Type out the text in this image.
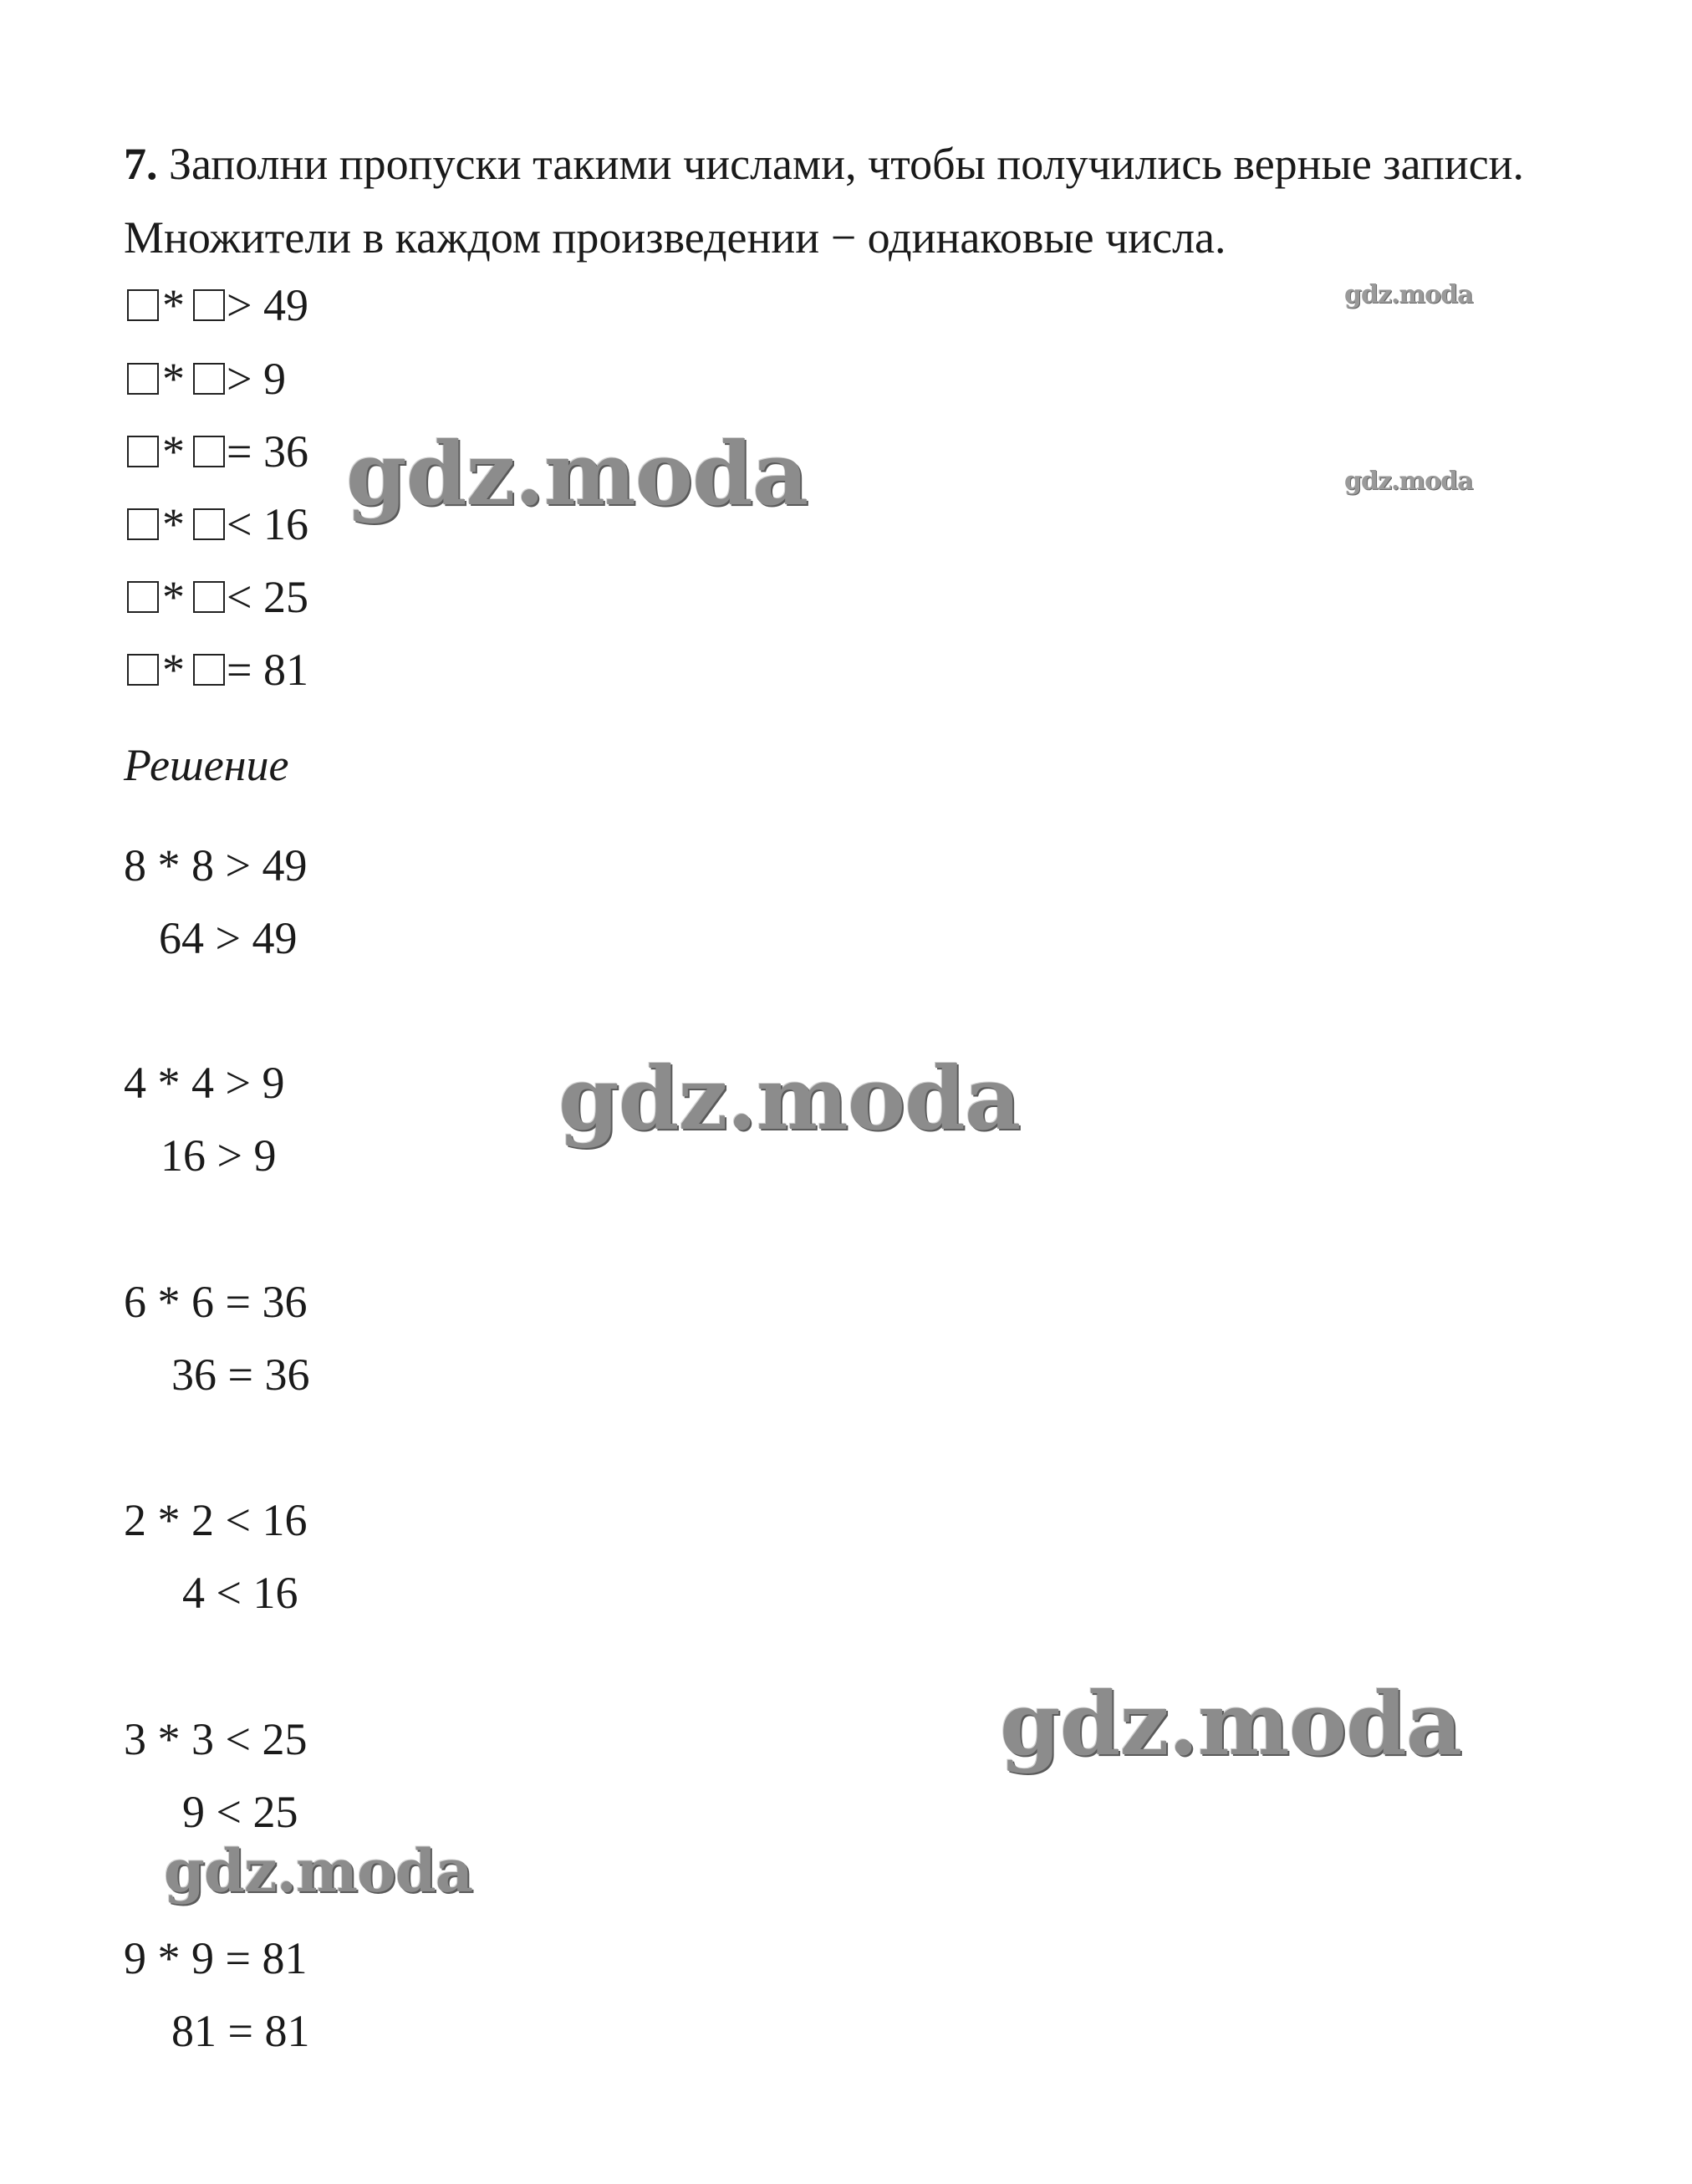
7. Заполни пропуски такими числами, чтобы получились верные записи. Множители в каждом произведении − одинаковые числа.
* > 49
* > 9
* = 36
* < 16
* < 25
* = 81
Решение
8 * 8 > 49
64 > 49
4 * 4 > 9
16 > 9
6 * 6 = 36
36 = 36
2 * 2 < 16
4 < 16
3 * 3 < 25
9 < 25
9 * 9 = 81
81 = 81
gdz.moda
gdz.moda
gdz.moda
gdz.moda
gdz.moda
gdz.moda
